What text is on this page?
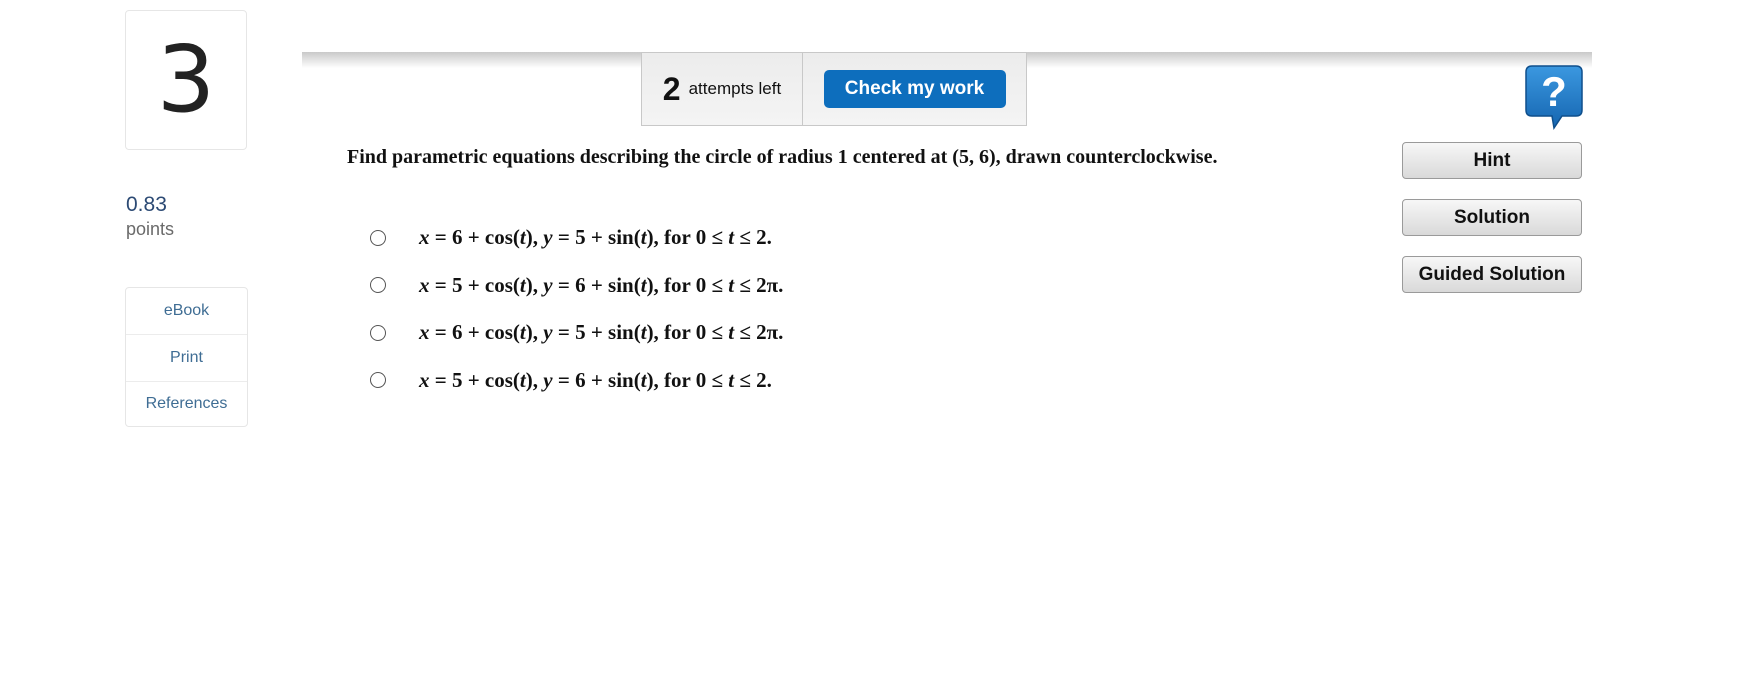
3
0.83
points
eBook
Print
References
2 attempts left	Check my work	?
Find parametric equations describing the circle of radius 1 centered at (5, 6), drawn counterclockwise.
x = 6 + cos(t), y = 5 + sin(t), for 0 ≤ t ≤ 2.
x = 5 + cos(t), y = 6 + sin(t), for 0 ≤ t ≤ 2π.
x = 6 + cos(t), y = 5 + sin(t), for 0 ≤ t ≤ 2π.
x = 5 + cos(t), y = 6 + sin(t), for 0 ≤ t ≤ 2.
Hint
Solution
Guided Solution
